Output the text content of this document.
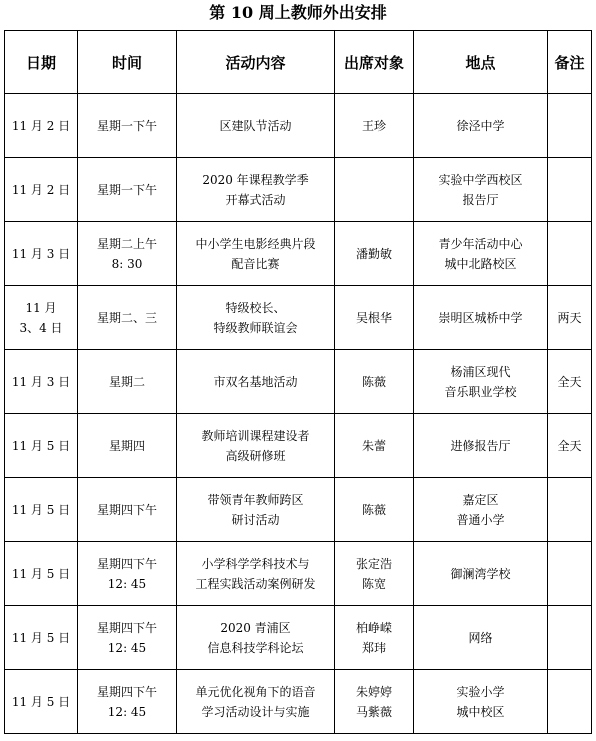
第 10 周上教师外出安排
日期	时间	活动内容	出席对象	地点	备注

11 月 2 日	星期一下午	区建队节活动	王珍	徐泾中学	

11 月 2 日	星期一下午	2020 年课程教学季
开幕式活动		实验中学西校区
报告厅	

11 月 3 日	星期二上午
8: 30	中小学生电影经典片段
配音比赛	潘勤敏	青少年活动中心
城中北路校区	

11 月
3、4 日	星期二、三	特级校长、
特级教师联谊会	吴根华	崇明区城桥中学	两天

11 月 3 日	星期二	市双名基地活动	陈薇	杨浦区现代
音乐职业学校	全天

11 月 5 日	星期四	教师培训课程建设者
高级研修班	朱蕾	进修报告厅	全天

11 月 5 日	星期四下午	带领青年教师跨区
研讨活动	陈薇	嘉定区
普通小学	

11 月 5 日	星期四下午
12: 45	小学科学学科技术与
工程实践活动案例研发	张定浩
陈宽	御澜湾学校	

11 月 5 日	星期四下午
12: 45	2020 青浦区
信息科技学科论坛	柏峥嵘
郑玮	网络	

11 月 5 日	星期四下午
12: 45	单元优化视角下的语音
学习活动设计与实施	朱婷婷
马紫薇	实验小学
城中校区	
